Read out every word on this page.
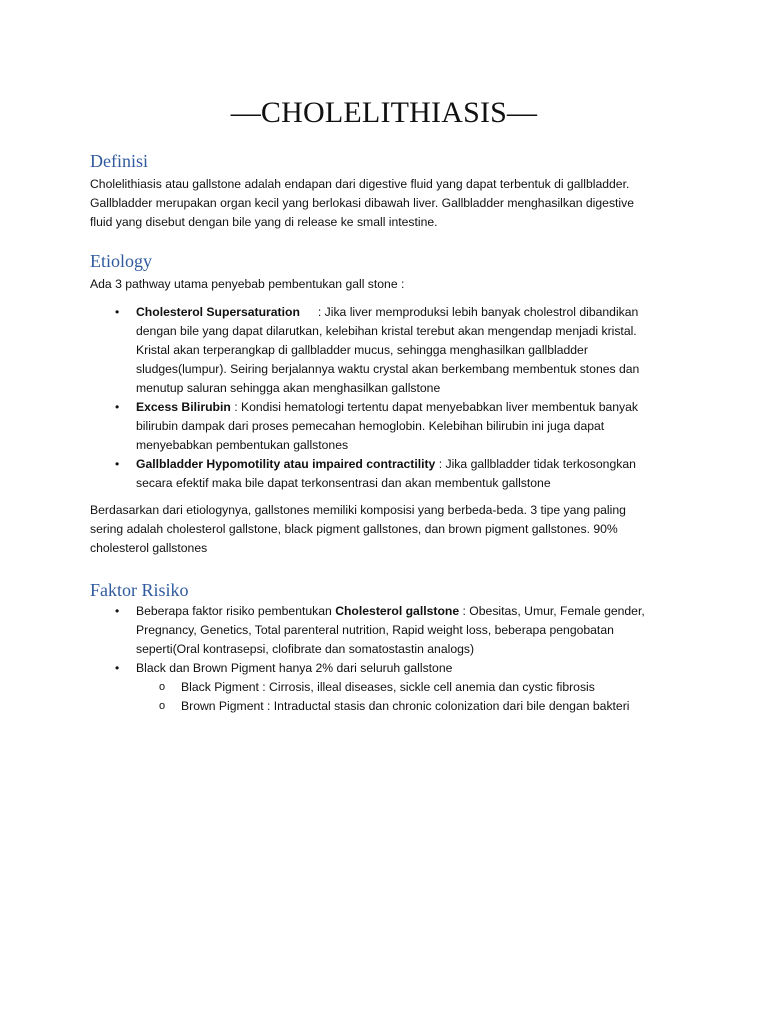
—CHOLELITHIASIS—
Definisi

Cholelithiasis atau gallstone adalah endapan dari digestive fluid yang dapat terbentuk di gallbladder.

Gallbladder merupakan organ kecil yang berlokasi dibawah liver. Gallbladder menghasilkan digestive

fluid yang disebut dengan bile yang di release ke small intestine.

Etiology
Ada 3 pathway utama penyebab pembentukan gall stone :
• Cholesterol Supersaturation : Jika liver memproduksi lebih banyak cholestrol dibandikan
dengan bile yang dapat dilarutkan, kelebihan kristal terebut akan mengendap menjadi kristal.
Kristal akan terperangkap di gallbladder mucus, sehingga menghasilkan gallbladder
sludges(lumpur). Seiring berjalannya waktu crystal akan berkembang membentuk stones dan
menutup saluran sehingga akan menghasilkan gallstone
• Excess Bilirubin : Kondisi hematologi tertentu dapat menyebabkan liver membentuk banyak
bilirubin dampak dari proses pemecahan hemoglobin. Kelebihan bilirubin ini juga dapat
menyebabkan pembentukan gallstones
• Gallbladder Hypomotility atau impaired contractility : Jika gallbladder tidak terkosongkan
secara efektif maka bile dapat terkonsentrasi dan akan membentuk gallstone

Berdasarkan dari etiologynya, gallstones memiliki komposisi yang berbeda-beda. 3 tipe yang paling

sering adalah cholesterol gallstone, black pigment gallstones, dan brown pigment gallstones. 90%

cholesterol gallstones

Faktor Risiko
• Beberapa faktor risiko pembentukan Cholesterol gallstone : Obesitas, Umur, Female gender,
Pregnancy, Genetics, Total parenteral nutrition, Rapid weight loss, beberapa pengobatan
seperti(Oral kontrasepsi, clofibrate dan somatostastin analogs)
• Black dan Brown Pigment hanya 2% dari seluruh gallstone
o Black Pigment : Cirrosis, illeal diseases, sickle cell anemia dan cystic fibrosis
o Brown Pigment : Intraductal stasis dan chronic colonization dari bile dengan bakteri
